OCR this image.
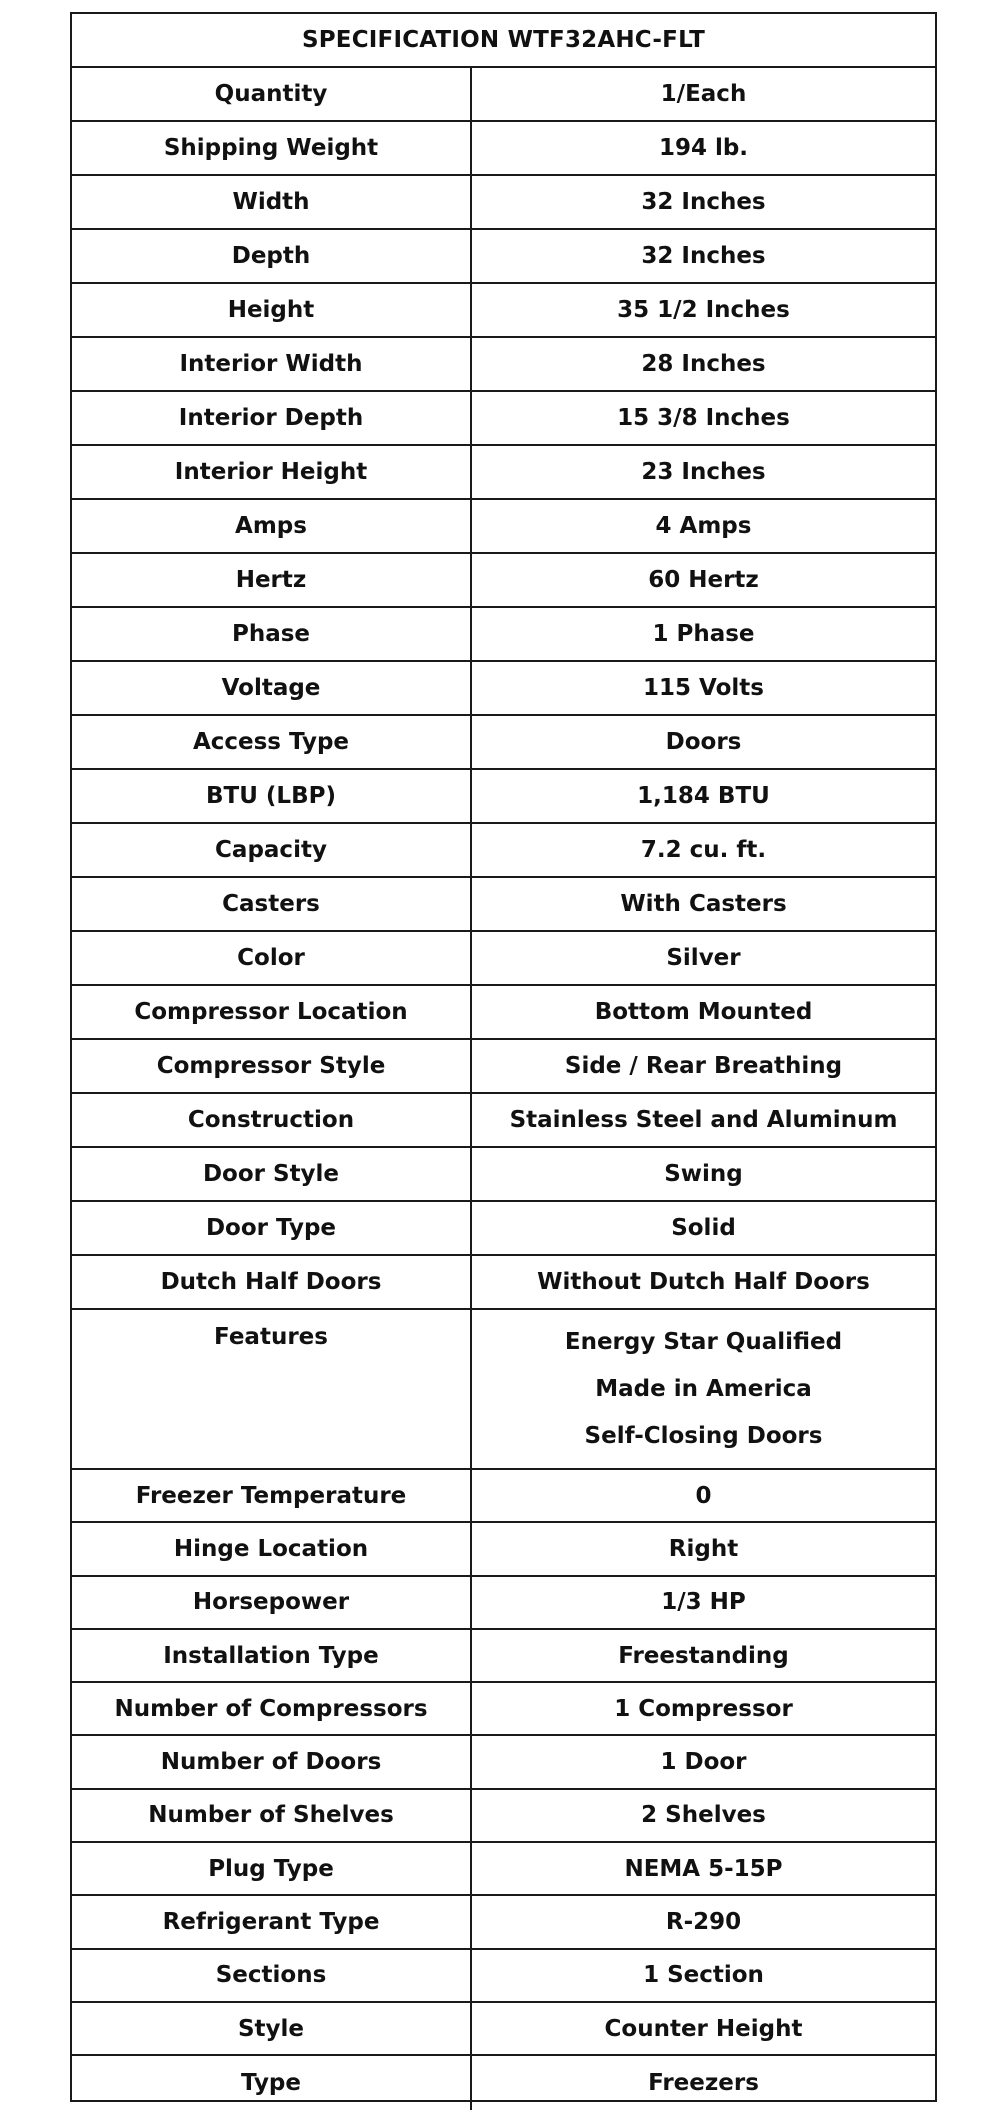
SPECIFICATION WTF32AHC-FLT
Quantity	1/Each
Shipping Weight	194 lb.
Width	32 Inches
Depth	32 Inches
Height	35 1/2 Inches
Interior Width	28 Inches
Interior Depth	15 3/8 Inches
Interior Height	23 Inches
Amps	4 Amps
Hertz	60 Hertz
Phase	1 Phase
Voltage	115 Volts
Access Type	Doors
BTU (LBP)	1,184 BTU
Capacity	7.2 cu. ft.
Casters	With Casters
Color	Silver
Compressor Location	Bottom Mounted
Compressor Style	Side / Rear Breathing
Construction	Stainless Steel and Aluminum
Door Style	Swing
Door Type	Solid
Dutch Half Doors	Without Dutch Half Doors
Features	Energy Star Qualified
Made in America
Self-Closing Doors
Freezer Temperature	0
Hinge Location	Right
Horsepower	1/3 HP
Installation Type	Freestanding
Number of Compressors	1 Compressor
Number of Doors	1 Door
Number of Shelves	2 Shelves
Plug Type	NEMA 5-15P
Refrigerant Type	R-290
Sections	1 Section
Style	Counter Height
Type	Freezers
